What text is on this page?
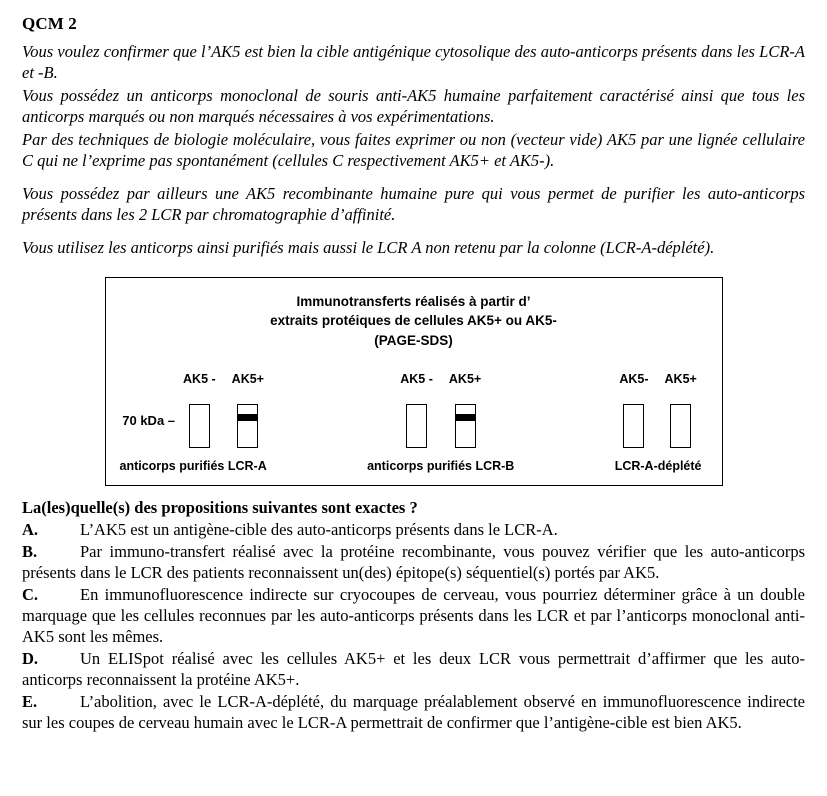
QCM 2

Vous voulez confirmer que l’AK5 est bien la cible antigénique cytosolique des auto-anticorps présents dans les LCR-A et -B.

Vous possédez un anticorps monoclonal de souris anti-AK5 humaine parfaitement caractérisé ainsi que tous les anticorps marqués ou non marqués nécessaires à vos expérimentations.

Par des techniques de biologie moléculaire, vous faites exprimer ou non (vecteur vide) AK5 par une lignée cellulaire C qui ne l’exprime pas spontanément (cellules C respectivement AK5+ et AK5-).

Vous possédez par ailleurs une AK5 recombinante humaine pure qui vous permet de purifier les auto-anticorps présents dans les 2 LCR par chromatographie d’affinité.

Vous utilisez les anticorps ainsi purifiés mais aussi le LCR A non retenu par la colonne (LCR-A-déplété).

Immunotransferts réalisés à partir d’
extraits protéiques de cellules AK5+ ou AK5-
(PAGE-SDS)
70 kDa –
AK5 - AK5+
anticorps purifiés LCR-A
AK5 - AK5+
anticorps purifiés LCR-B
AK5- AK5+
LCR-A-déplété
La(les)quelle(s) des propositions suivantes sont exactes ?
A.	L’AK5 est un antigène-cible des auto-anticorps présents dans le LCR-A.
B.	Par immuno-transfert réalisé avec la protéine recombinante, vous pouvez vérifier que les auto-anticorps présents dans le LCR des patients reconnaissent un(des) épitope(s) séquentiel(s) portés par AK5.
C.	En immunofluorescence indirecte sur cryocoupes de cerveau, vous pourriez déterminer grâce à un double marquage que les cellules reconnues par les auto-anticorps présents dans les LCR et par l’anticorps monoclonal anti-AK5 sont les mêmes.
D.	Un ELISpot réalisé avec les cellules AK5+ et les deux LCR vous permettrait d’affirmer que les auto-anticorps reconnaissent la protéine AK5+.
E.	L’abolition, avec le LCR-A-déplété, du marquage préalablement observé en immunofluorescence indirecte sur les coupes de cerveau humain avec le LCR-A permettrait de confirmer que l’antigène-cible est bien AK5.
